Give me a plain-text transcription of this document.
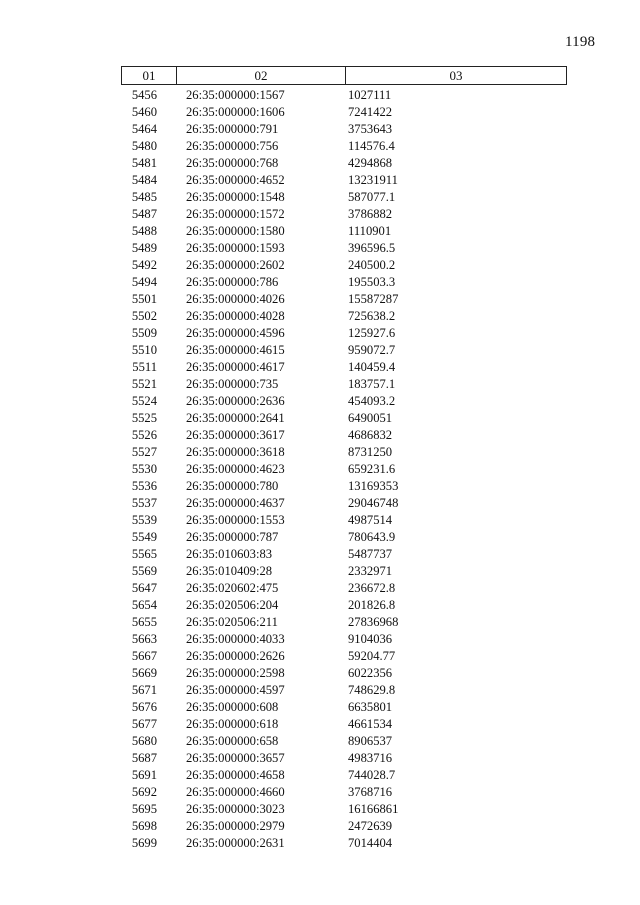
1198
01	02	03
5456	26:35:000000:1567	1027111
5460	26:35:000000:1606	7241422
5464	26:35:000000:791	3753643
5480	26:35:000000:756	114576.4
5481	26:35:000000:768	4294868
5484	26:35:000000:4652	13231911
5485	26:35:000000:1548	587077.1
5487	26:35:000000:1572	3786882
5488	26:35:000000:1580	1110901
5489	26:35:000000:1593	396596.5
5492	26:35:000000:2602	240500.2
5494	26:35:000000:786	195503.3
5501	26:35:000000:4026	15587287
5502	26:35:000000:4028	725638.2
5509	26:35:000000:4596	125927.6
5510	26:35:000000:4615	959072.7
5511	26:35:000000:4617	140459.4
5521	26:35:000000:735	183757.1
5524	26:35:000000:2636	454093.2
5525	26:35:000000:2641	6490051
5526	26:35:000000:3617	4686832
5527	26:35:000000:3618	8731250
5530	26:35:000000:4623	659231.6
5536	26:35:000000:780	13169353
5537	26:35:000000:4637	29046748
5539	26:35:000000:1553	4987514
5549	26:35:000000:787	780643.9
5565	26:35:010603:83	5487737
5569	26:35:010409:28	2332971
5647	26:35:020602:475	236672.8
5654	26:35:020506:204	201826.8
5655	26:35:020506:211	27836968
5663	26:35:000000:4033	9104036
5667	26:35:000000:2626	59204.77
5669	26:35:000000:2598	6022356
5671	26:35:000000:4597	748629.8
5676	26:35:000000:608	6635801
5677	26:35:000000:618	4661534
5680	26:35:000000:658	8906537
5687	26:35:000000:3657	4983716
5691	26:35:000000:4658	744028.7
5692	26:35:000000:4660	3768716
5695	26:35:000000:3023	16166861
5698	26:35:000000:2979	2472639
5699	26:35:000000:2631	7014404
